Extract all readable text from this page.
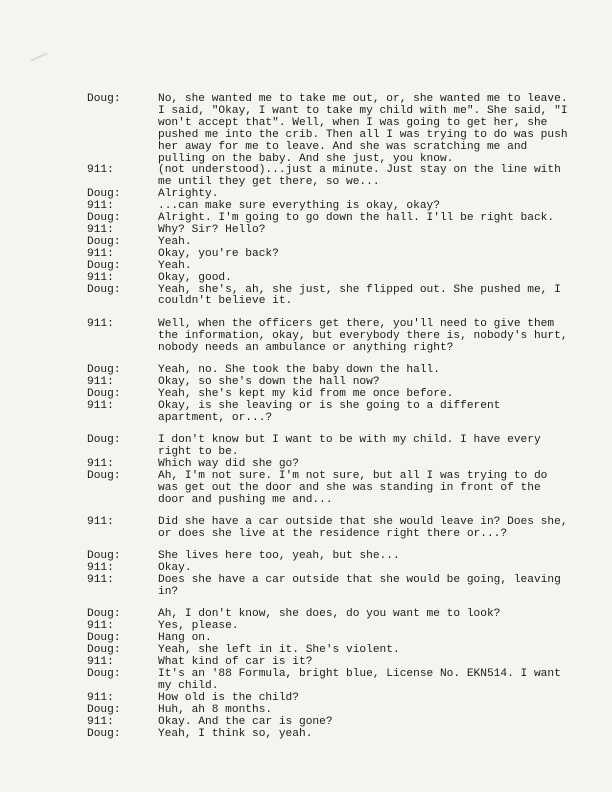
Doug:	No, she wanted me to take me out, or, she wanted me to leave. I said, "Okay, I want to take my child with me". She said, "I won't accept that". Well, when I was going to get her, she pushed me into the crib. Then all I was trying to do was push her away for me to leave. And she was scratching me and pulling on the baby. And she just, you know.
911:	(not understood)...just a minute. Just stay on the line with me until they get there, so we...
Doug:	Alrighty.
911:	...can make sure everything is okay, okay?
Doug:	Alright. I'm going to go down the hall. I'll be right back.
911:	Why? Sir? Hello?
Doug:	Yeah.
911:	Okay, you're back?
Doug:	Yeah.
911:	Okay, good.
Doug:	Yeah, she's, ah, she just, she flipped out. She pushed me, I couldn't believe it.
911:	Well, when the officers get there, you'll need to give them the information, okay, but everybody there is, nobody's hurt, nobody needs an ambulance or anything right?
Doug:	Yeah, no. She took the baby down the hall.
911:	Okay, so she's down the hall now?
Doug:	Yeah, she's kept my kid from me once before.
911:	Okay, is she leaving or is she going to a different apartment, or...?
Doug:	I don't know but I want to be with my child. I have every right to be.
911:	Which way did she go?
Doug:	Ah, I'm not sure. I'm not sure, but all I was trying to do was get out the door and she was standing in front of the door and pushing me and...
911:	Did she have a car outside that she would leave in? Does she, or does she live at the residence right there or...?
Doug:	She lives here too, yeah, but she...
911:	Okay.
911:	Does she have a car outside that she would be going, leaving in?
Doug:	Ah, I don't know, she does, do you want me to look?
911:	Yes, please.
Doug:	Hang on.
Doug:	Yeah, she left in it. She's violent.
911:	What kind of car is it?
Doug:	It's an '88 Formula, bright blue, License No. EKN514. I want my child.
911:	How old is the child?
Doug:	Huh, ah 8 months.
911:	Okay. And the car is gone?
Doug:	Yeah, I think so, yeah.
